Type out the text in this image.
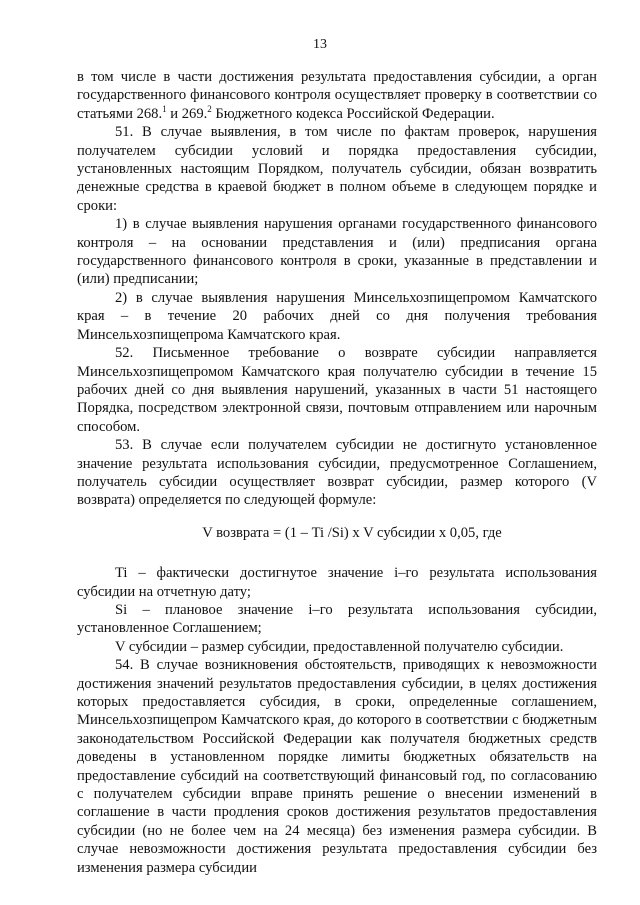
13

в том числе в части достижения результата предоставления субсидии, а орган государственного финансового контроля осуществляет проверку в соответствии со статьями 268.$^1$ и 269.$^2$ Бюджетного кодекса Российской Федерации.

51. В случае выявления, в том числе по фактам проверок, нарушения получателем субсидии условий и порядка предоставления субсидии, установленных настоящим Порядком, получатель субсидии, обязан возвратить денежные средства в краевой бюджет в полном объеме в следующем порядке и сроки:

1) в случае выявления нарушения органами государственного финансового контроля – на основании представления и (или) предписания органа государственного финансового контроля в сроки, указанные в представлении и (или) предписании;

2) в случае выявления нарушения Минсельхозпищепромом Камчатского края – в течение 20 рабочих дней со дня получения требования Минсельхозпищепрома Камчатского края.

52. Письменное требование о возврате субсидии направляется Минсельхозпищепромом Камчатского края получателю субсидии в течение 15 рабочих дней со дня выявления нарушений, указанных в части 51 настоящего Порядка, посредством электронной связи, почтовым отправлением или нарочным способом.

53. В случае если получателем субсидии не достигнуто установленное значение результата использования субсидии, предусмотренное Соглашением, получатель субсидии осуществляет возврат субсидии, размер которого (V возврата) определяется по следующей формуле:

V возврата = (1 – Ti /Si) x V субсидии x 0,05, где

Ti – фактически достигнутое значение i–го результата использования субсидии на отчетную дату;

Si – плановое значение i–го результата использования субсидии, установленное Соглашением;

V субсидии – размер субсидии, предоставленной получателю субсидии.

54. В случае возникновения обстоятельств, приводящих к невозможности достижения значений результатов предоставления субсидии, в целях достижения которых предоставляется субсидия, в сроки, определенные соглашением, Минсельхозпищепром Камчатского края, до которого в соответствии с бюджетным законодательством Российской Федерации как получателя бюджетных средств доведены в установленном порядке лимиты бюджетных обязательств на предоставление субсидий на соответствующий финансовый год, по согласованию с получателем субсидии вправе принять решение о внесении изменений в соглашение в части продления сроков достижения результатов предоставления субсидии (но не более чем на 24 месяца) без изменения размера субсидии. В случае невозможности достижения результата предоставления субсидии без изменения размера субсидии
